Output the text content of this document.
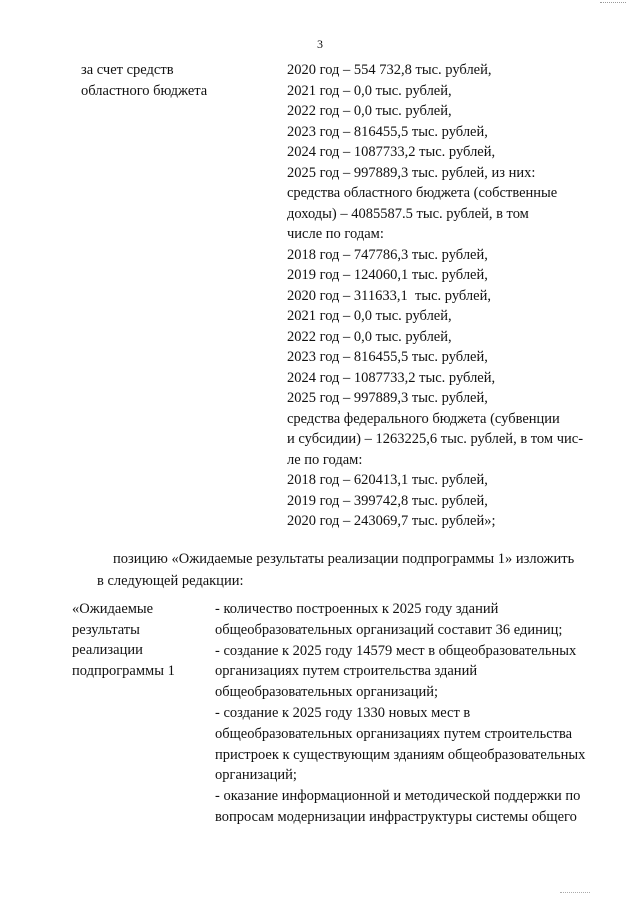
3
за счет средств
областного бюджета
2020 год – 554 732,8 тыс. рублей,
2021 год – 0,0 тыс. рублей,
2022 год – 0,0 тыс. рублей,
2023 год – 816455,5 тыс. рублей,
2024 год – 1087733,2 тыс. рублей,
2025 год – 997889,3 тыс. рублей, из них:
средства областного бюджета (собственные
доходы) – 4085587.5 тыс. рублей, в том
числе по годам:
2018 год – 747786,3 тыс. рублей,
2019 год – 124060,1 тыс. рублей,
2020 год – 311633,1  тыс. рублей,
2021 год – 0,0 тыс. рублей,
2022 год – 0,0 тыс. рублей,
2023 год – 816455,5 тыс. рублей,
2024 год – 1087733,2 тыс. рублей,
2025 год – 997889,3 тыс. рублей,
средства федерального бюджета (субвенции
и субсидии) – 1263225,6 тыс. рублей, в том чис-
ле по годам:
2018 год – 620413,1 тыс. рублей,
2019 год – 399742,8 тыс. рублей,
2020 год – 243069,7 тыс. рублей»;
позицию «Ожидаемые результаты реализации подпрограммы 1» изложить
в следующей редакции:
«Ожидаемые
результаты
реализации
подпрограммы 1
- количество построенных к 2025 году зданий
общеобразовательных организаций составит 36 единиц;
- создание к 2025 году 14579 мест в общеобразовательных
организациях путем строительства зданий
общеобразовательных организаций;
- создание к 2025 году 1330 новых мест в
общеобразовательных организациях путем строительства
пристроек к существующим зданиям общеобразовательных
организаций;
- оказание информационной и методической поддержки по
вопросам модернизации инфраструктуры системы общего
